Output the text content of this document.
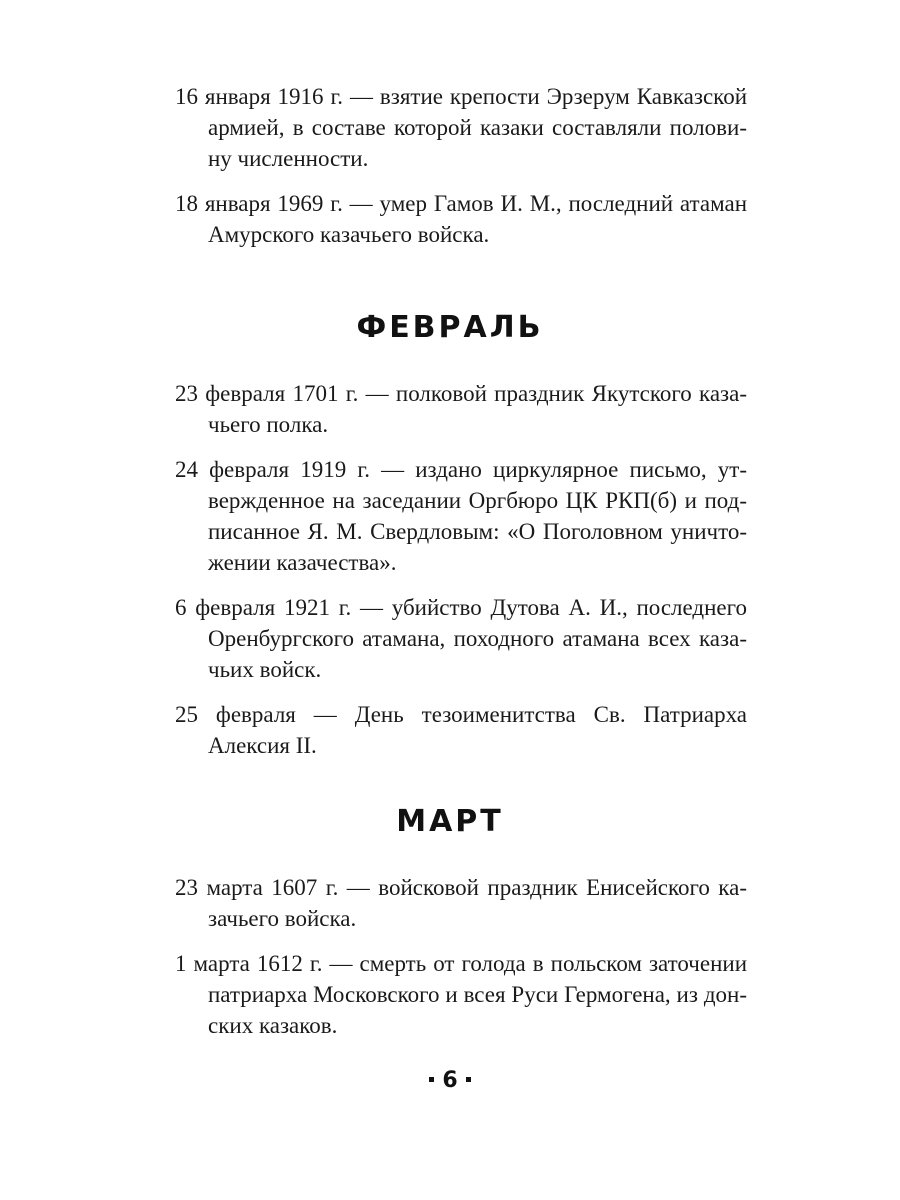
16 января 1916 г. — взятие крепости Эрзерум Кавказской армией, в составе которой казаки составляли половину численности.

18 января 1969 г. — умер Гамов И. М., последний атаман Амурского казачьего войска.

ФЕВРАЛЬ

23 февраля 1701 г. — полковой праздник Якутского казачьего полка.

24 февраля 1919 г. — издано циркулярное письмо, утвержденное на заседании Оргбюро ЦК РКП(б) и подписанное Я. М. Свердловым: «О Поголовном уничтожении казачества».

6 февраля 1921 г. — убийство Дутова А. И., последнего Оренбургского атамана, походного атамана всех казачьих войск.

25 февраля — День тезоименитства Св. Патриарха Алексия II.

МАРТ

23 марта 1607 г. — войсковой праздник Енисейского казачьего войска.

1 марта 1612 г. — смерть от голода в польском заточении патриарха Московского и всея Руси Гермогена, из донских казаков.

6
